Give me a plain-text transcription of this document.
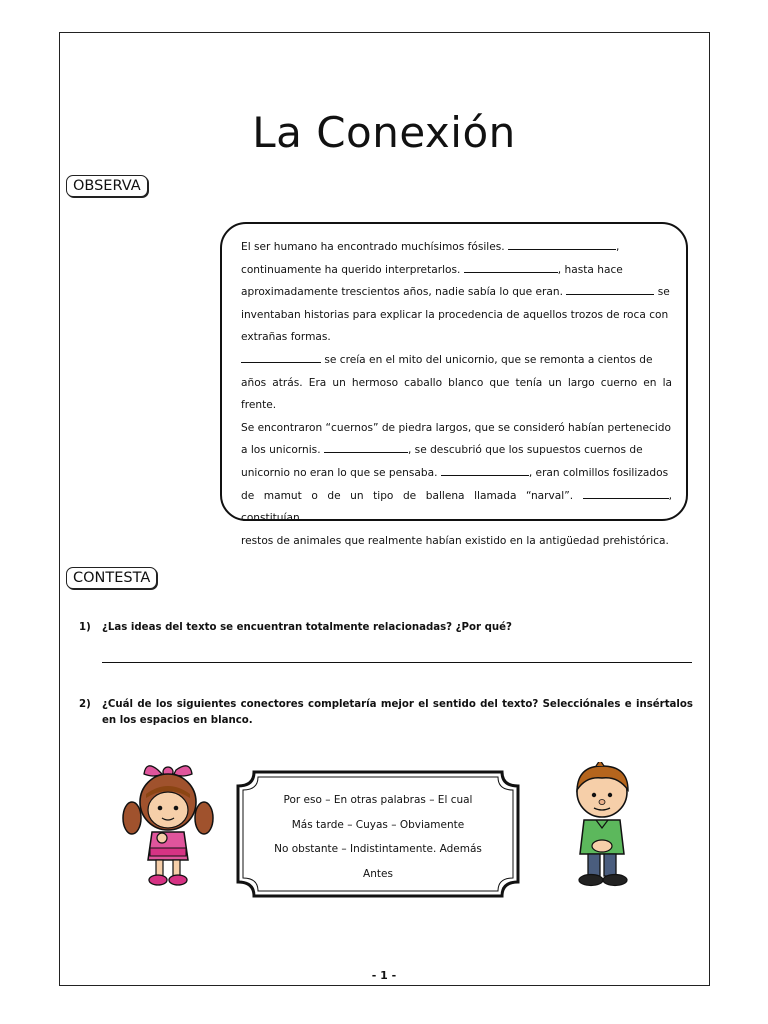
La Conexión
OBSERVA

El ser humano ha encontrado muchísimos fósiles.	,

continuamente ha querido interpretarlos.	, hasta hace

aproximadamente trescientos años, nadie sabía lo que eran.	se

inventaban historias para explicar la procedencia de aquellos trozos de roca con

extrañas formas.

se creía en el mito del unicornio, que se remonta a cientos de

años atrás. Era un hermoso caballo blanco que tenía un largo cuerno en la frente.

Se encontraron “cuernos” de piedra largos, que se consideró habían pertenecido

a los unicornis.	, se descubrió que los supuestos cuernos de

unicornio no eran lo que se pensaba.	, eran colmillos fosilizados

de mamut o de un tipo de ballena llamada “narval”.	, constituían

restos de animales que realmente habían existido en la antigüedad prehistórica.

CONTESTA
1) ¿Las ideas del texto se encuentran totalmente relacionadas? ¿Por qué?
2) ¿Cuál de los siguientes conectores completaría mejor el sentido del texto? Selecciónales e insértalos en los espacios en blanco.
Por eso – En otras palabras – El cual
Más tarde – Cuyas – Obviamente
No obstante – Indistintamente. Además
Antes
- 1 -
